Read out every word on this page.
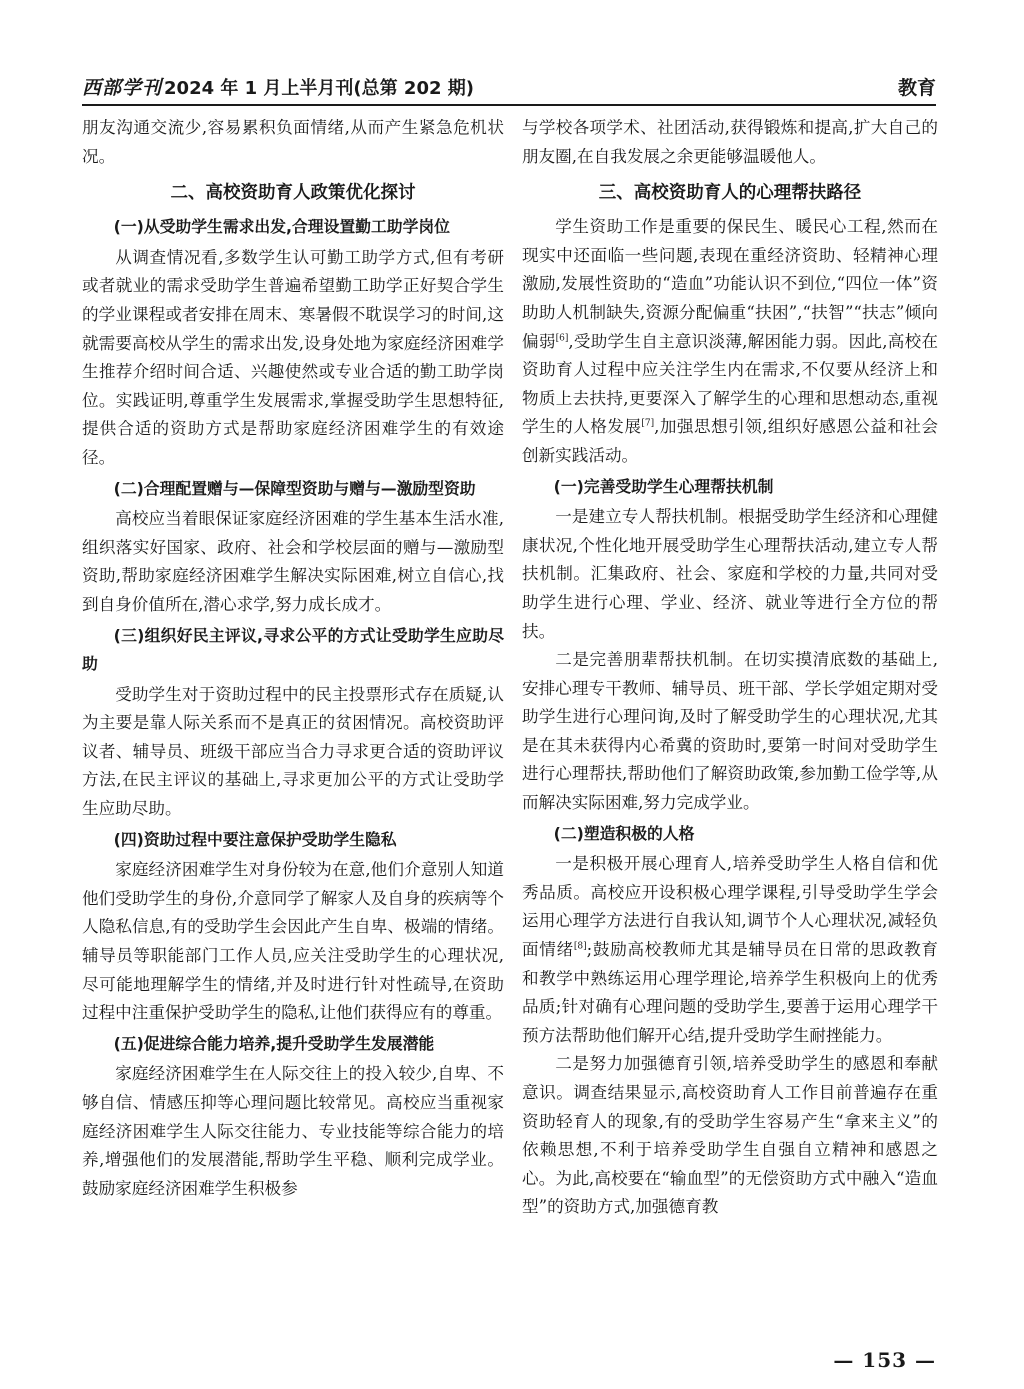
西部学刊 2024 年 1 月上半月刊(总第 202 期)	教育

朋友沟通交流少,容易累积负面情绪,从而产生紧急危机状况。

二、高校资助育人政策优化探讨
(一)从受助学生需求出发,合理设置勤工助学岗位

从调查情况看,多数学生认可勤工助学方式,但有考研或者就业的需求受助学生普遍希望勤工助学正好契合学生的学业课程或者安排在周末、寒暑假不耽误学习的时间,这就需要高校从学生的需求出发,设身处地为家庭经济困难学生推荐介绍时间合适、兴趣使然或专业合适的勤工助学岗位。实践证明,尊重学生发展需求,掌握受助学生思想特征,提供合适的资助方式是帮助家庭经济困难学生的有效途径。

(二)合理配置赠与—保障型资助与赠与—激励型资助

高校应当着眼保证家庭经济困难的学生基本生活水准,组织落实好国家、政府、社会和学校层面的赠与—激励型资助,帮助家庭经济困难学生解决实际困难,树立自信心,找到自身价值所在,潜心求学,努力成长成才。

(三)组织好民主评议,寻求公平的方式让受助学生应助尽助

受助学生对于资助过程中的民主投票形式存在质疑,认为主要是靠人际关系而不是真正的贫困情况。高校资助评议者、辅导员、班级干部应当合力寻求更合适的资助评议方法,在民主评议的基础上,寻求更加公平的方式让受助学生应助尽助。

(四)资助过程中要注意保护受助学生隐私

家庭经济困难学生对身份较为在意,他们介意别人知道他们受助学生的身份,介意同学了解家人及自身的疾病等个人隐私信息,有的受助学生会因此产生自卑、极端的情绪。辅导员等职能部门工作人员,应关注受助学生的心理状况,尽可能地理解学生的情绪,并及时进行针对性疏导,在资助过程中注重保护受助学生的隐私,让他们获得应有的尊重。

(五)促进综合能力培养,提升受助学生发展潜能

家庭经济困难学生在人际交往上的投入较少,自卑、不够自信、情感压抑等心理问题比较常见。高校应当重视家庭经济困难学生人际交往能力、专业技能等综合能力的培养,增强他们的发展潜能,帮助学生平稳、顺利完成学业。鼓励家庭经济困难学生积极参

与学校各项学术、社团活动,获得锻炼和提高,扩大自己的朋友圈,在自我发展之余更能够温暖他人。

三、高校资助育人的心理帮扶路径

学生资助工作是重要的保民生、暖民心工程,然而在现实中还面临一些问题,表现在重经济资助、轻精神心理激励,发展性资助的“造血”功能认识不到位,“四位一体”资助助人机制缺失,资源分配偏重“扶困”,“扶智”“扶志”倾向偏弱[6],受助学生自主意识淡薄,解困能力弱。因此,高校在资助育人过程中应关注学生内在需求,不仅要从经济上和物质上去扶持,更要深入了解学生的心理和思想动态,重视学生的人格发展[7],加强思想引领,组织好感恩公益和社会创新实践活动。

(一)完善受助学生心理帮扶机制

一是建立专人帮扶机制。根据受助学生经济和心理健康状况,个性化地开展受助学生心理帮扶活动,建立专人帮扶机制。汇集政府、社会、家庭和学校的力量,共同对受助学生进行心理、学业、经济、就业等进行全方位的帮扶。

二是完善朋辈帮扶机制。在切实摸清底数的基础上,安排心理专干教师、辅导员、班干部、学长学姐定期对受助学生进行心理问询,及时了解受助学生的心理状况,尤其是在其未获得内心希冀的资助时,要第一时间对受助学生进行心理帮扶,帮助他们了解资助政策,参加勤工俭学等,从而解决实际困难,努力完成学业。

(二)塑造积极的人格

一是积极开展心理育人,培养受助学生人格自信和优秀品质。高校应开设积极心理学课程,引导受助学生学会运用心理学方法进行自我认知,调节个人心理状况,减轻负面情绪[8];鼓励高校教师尤其是辅导员在日常的思政教育和教学中熟练运用心理学理论,培养学生积极向上的优秀品质;针对确有心理问题的受助学生,要善于运用心理学干预方法帮助他们解开心结,提升受助学生耐挫能力。

二是努力加强德育引领,培养受助学生的感恩和奉献意识。调查结果显示,高校资助育人工作目前普遍存在重资助轻育人的现象,有的受助学生容易产生“拿来主义”的依赖思想,不利于培养受助学生自强自立精神和感恩之心。为此,高校要在“输血型”的无偿资助方式中融入“造血型”的资助方式,加强德育教

— 153 —
